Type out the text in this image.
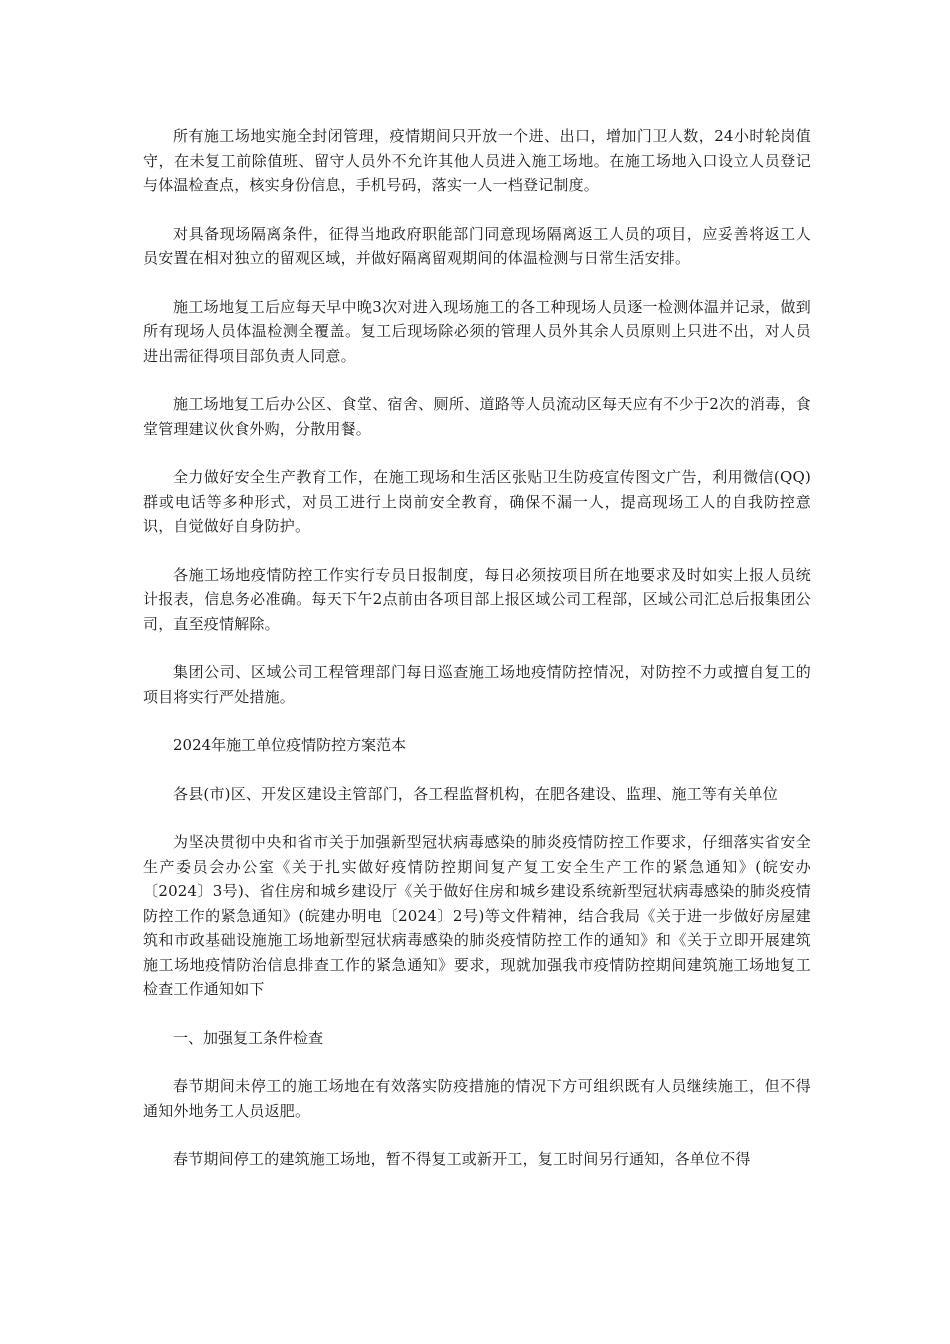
所有施工场地实施全封闭管理，疫情期间只开放一个进、出口，增加门卫人数，24小时轮岗值守，在未复工前除值班、留守人员外不允许其他人员进入施工场地。在施工场地入口设立人员登记与体温检查点，核实身份信息，手机号码，落实一人一档登记制度。

对具备现场隔离条件，征得当地政府职能部门同意现场隔离返工人员的项目，应妥善将返工人员安置在相对独立的留观区域，并做好隔离留观期间的体温检测与日常生活安排。

施工场地复工后应每天早中晚3次对进入现场施工的各工种现场人员逐一检测体温并记录，做到所有现场人员体温检测全覆盖。复工后现场除必须的管理人员外其余人员原则上只进不出，对人员进出需征得项目部负责人同意。

施工场地复工后办公区、食堂、宿舍、厕所、道路等人员流动区每天应有不少于2次的消毒，食堂管理建议伙食外购，分散用餐。

全力做好安全生产教育工作，在施工现场和生活区张贴卫生防疫宣传图文广告，利用微信(QQ)群或电话等多种形式，对员工进行上岗前安全教育，确保不漏一人，提高现场工人的自我防控意识，自觉做好自身防护。

各施工场地疫情防控工作实行专员日报制度，每日必须按项目所在地要求及时如实上报人员统计报表，信息务必准确。每天下午2点前由各项目部上报区域公司工程部，区域公司汇总后报集团公司，直至疫情解除。

集团公司、区域公司工程管理部门每日巡查施工场地疫情防控情况，对防控不力或擅自复工的项目将实行严处措施。

2024年施工单位疫情防控方案范本

各县(市)区、开发区建设主管部门，各工程监督机构，在肥各建设、监理、施工等有关单位

为坚决贯彻中央和省市关于加强新型冠状病毒感染的肺炎疫情防控工作要求，仔细落实省安全生产委员会办公室《关于扎实做好疫情防控期间复产复工安全生产工作的紧急通知》(皖安办〔2024〕3号)、省住房和城乡建设厅《关于做好住房和城乡建设系统新型冠状病毒感染的肺炎疫情防控工作的紧急通知》(皖建办明电〔2024〕2号)等文件精神，结合我局《关于进一步做好房屋建筑和市政基础设施施工场地新型冠状病毒感染的肺炎疫情防控工作的通知》和《关于立即开展建筑施工场地疫情防治信息排查工作的紧急通知》要求，现就加强我市疫情防控期间建筑施工场地复工检查工作通知如下

一、加强复工条件检查

春节期间未停工的施工场地在有效落实防疫措施的情况下方可组织既有人员继续施工，但不得通知外地务工人员返肥。

春节期间停工的建筑施工场地，暂不得复工或新开工，复工时间另行通知，各单位不得
